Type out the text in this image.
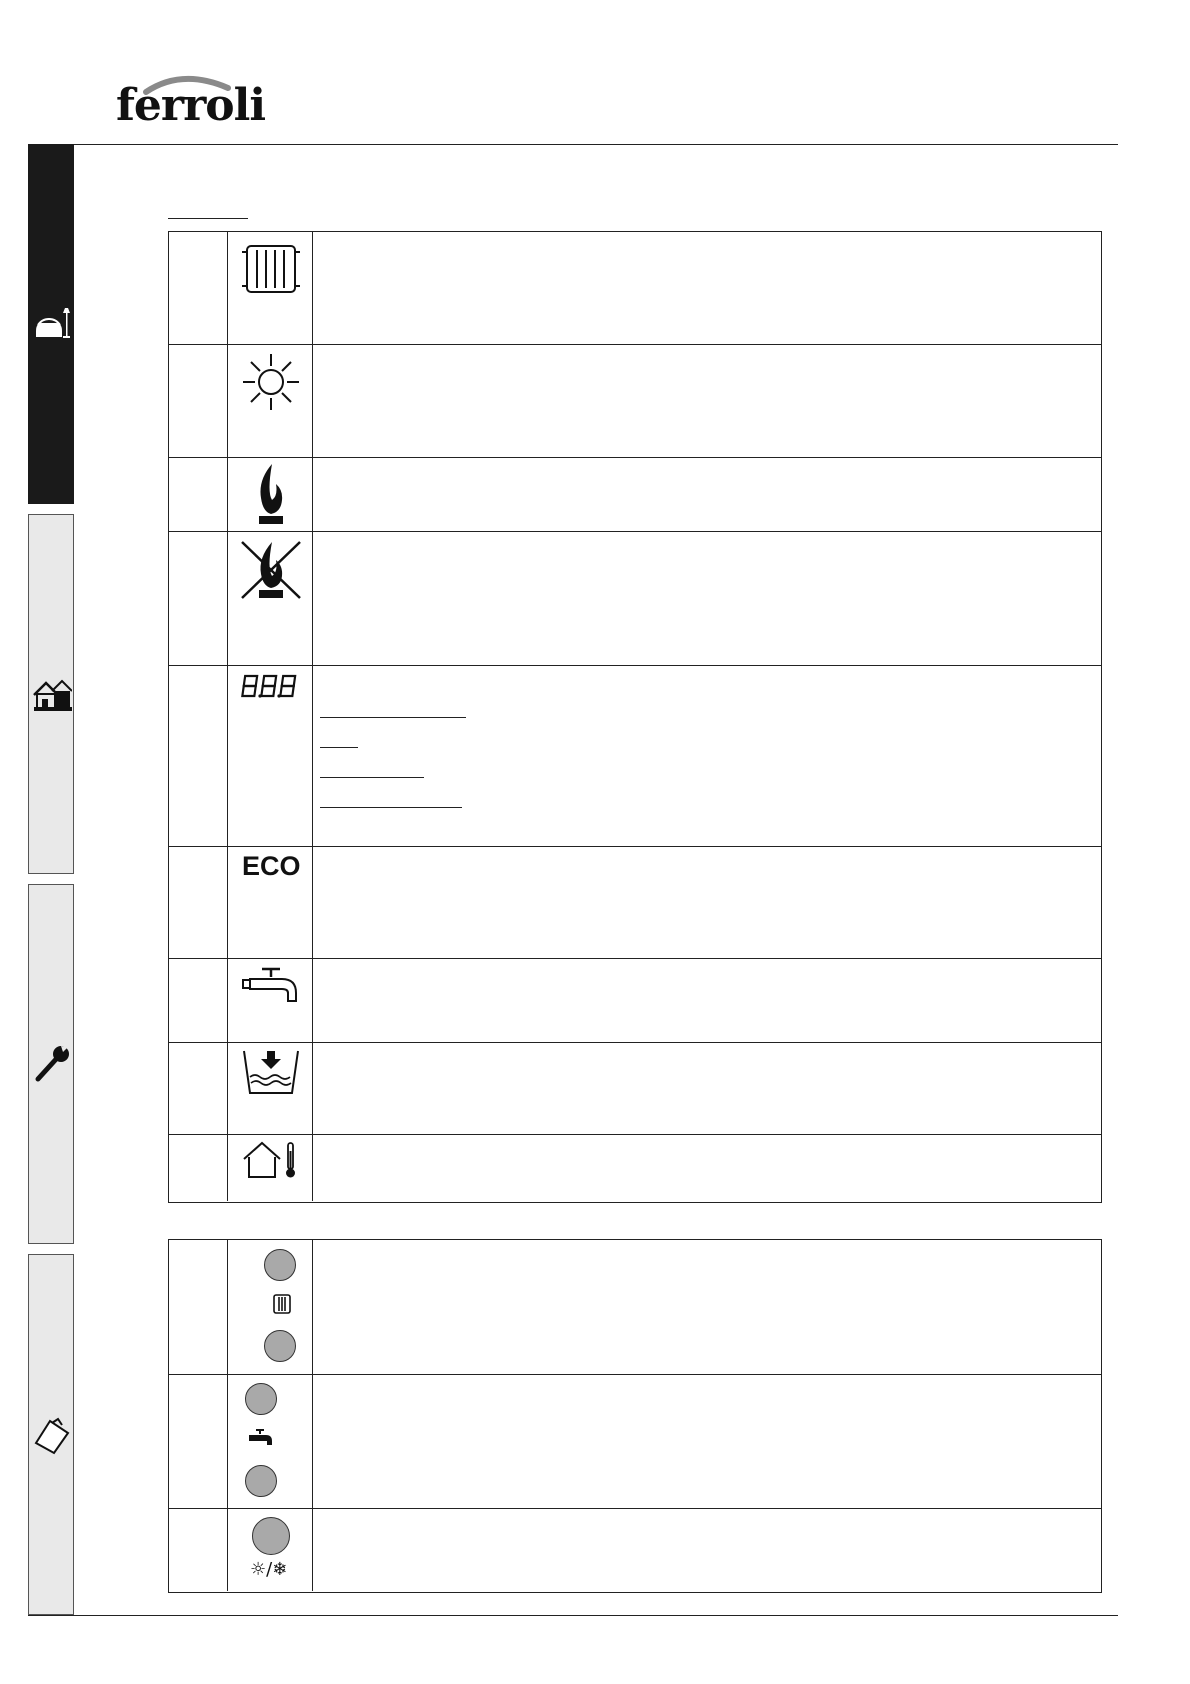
ferroli
ECO
☼/❄
